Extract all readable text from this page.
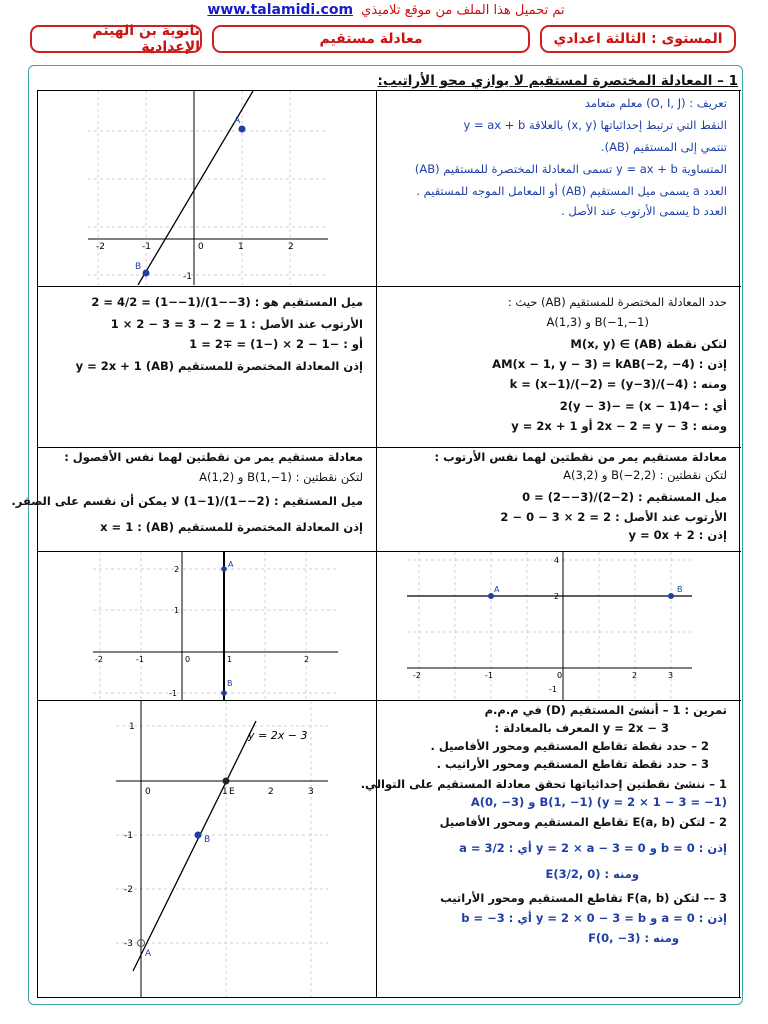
تم تحميل هذا الملف من موقع تلاميذي www.talamidi.com
المستوى : الثالثة اعدادي
معادلة مستقيم
ثانوية بن الهيثم الإعدادية
1 – المعادلة المختصرة لمستقيم لا يوازي محو الأراتيب:
تعريف : (O, I, J) معلم متعامد
النقط التي ترتبط إحداثياتها (x, y) بالعلاقة y = ax + b
تنتمي إلى المستقيم (AB).
المتساوية y = ax + b تسمى المعادلة المختصرة للمستقيم (AB)
العدد a يسمى ميل المستقيم (AB) أو المعامل الموجه للمستقيم .
العدد b يسمى الأرتوب عند الأصل .
-2	-1	0	1	2
-1
A
B
حدد المعادلة المختصرة للمستقيم (AB) حيث :
B(−1,−1) و A(1,3)
لتكن نقطة M(x, y) ∈ (AB)
إذن : AM(x − 1, y − 3) = kAB(−2, −4)
ومنه : k = (x−1)/(−2) = (y−3)/(−4)
أي : −4(x − 1) = −2(y − 3)
ومنه : 2x − 2 = y − 3 أو y = 2x + 1
ميل المستقيم هو : (3−−1)/(1−−1) = 4/2 = 2
الأرتوب عند الأصل : 1 = 2 − 3 = 3 − 2 × 1
أو : −1 − 2 × (−1) = ∓2 = 1
إذن المعادلة المختصرة للمستقيم (AB) y = 2x + 1
معادلة مستقيم يمر من نقطتين لهما نفس الأرتوب :
لتكن نقطتين : B(−2,2) و A(3,2)
ميل المستقيم : (2−2)/(3−−2) = 0
الأرتوب عند الأصل : 2 = 2 × 3 − 0 − 2
إذن : y = 0x + 2
معادلة مستقيم يمر من نقطتين لهما نفس الأفصول :
لتكن نقطتين : B(1,−1) و A(1,2)
ميل المستقيم : (2−−1)/(1−1) لا يمكن أن نقسم على الصفر.
إذن المعادلة المختصرة للمستقيم (AB) : x = 1
-2	-1	0	1	2
2
1
-1
A
B
-2	-1	0	2	3
4
2
-1
A	B
تمرين : 1 – أنشئ المستقيم (D) في م.م.م
y = 2x − 3 المعرف بالمعادلة :
2 – حدد نقطة تقاطع المستقيم ومحور الأفاصيل .
3 – حدد نقطة تقاطع المستقيم ومحور الأراتيب .
1 – ننشئ نقطتين إحداثياتها تحقق معادلة المستقيم على التوالي.
(y = 2 × 1 − 3 = −1) B(1, −1) و A(0, −3)
2 – لتكن E(a, b) تقاطع المستقيم ومحور الأفاصيل
إذن : b = 0 و y = 2 × a − 3 = 0 أي : a = 3/2
ومنه : E(3/2, 0)
3 –– لتكن F(a, b) تقاطع المستقيم ومحور الأراتيب
إذن : a = 0 و y = 2 × 0 − 3 = b أي : b = −3
ومنه : F(0, −3)
0	1	2	3
1
-1
-2
-3
y = 2x − 3
A
B
E
